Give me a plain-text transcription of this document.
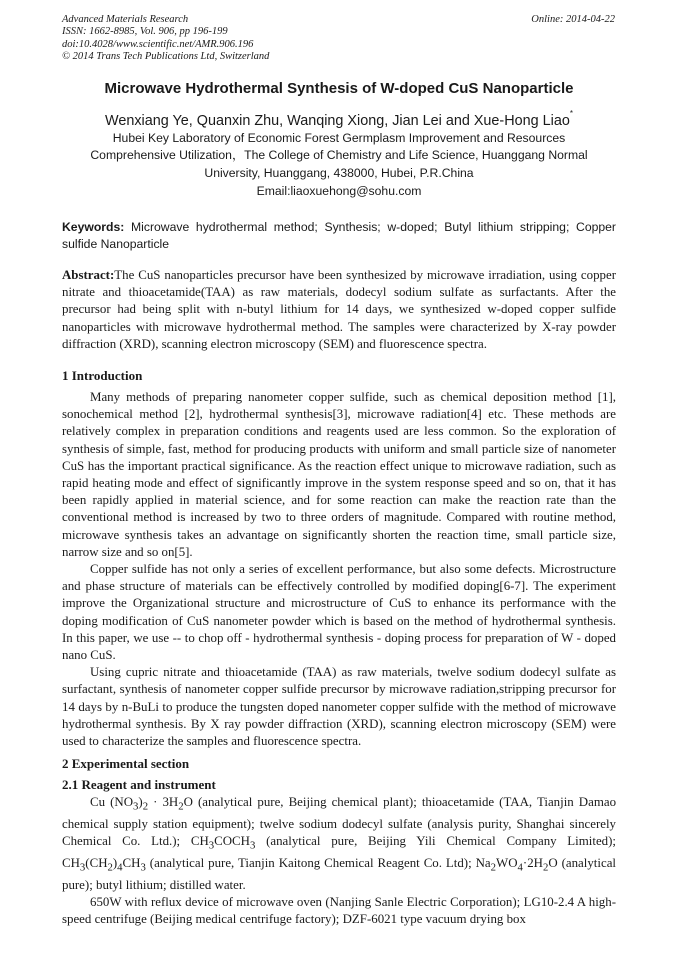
Advanced Materials Research
ISSN: 1662-8985, Vol. 906, pp 196-199
doi:10.4028/www.scientific.net/AMR.906.196
© 2014 Trans Tech Publications Ltd, Switzerland
Online: 2014-04-22
Microwave Hydrothermal Synthesis of W-doped CuS Nanoparticle
Wenxiang Ye, Quanxin Zhu, Wanqing Xiong, Jian Lei and Xue-Hong Liao*
Hubei Key Laboratory of Economic Forest Germplasm Improvement and Resources
Comprehensive Utilization，The College of Chemistry and Life Science, Huanggang Normal
University, Huanggang, 438000, Hubei, P.R.China
Email:liaoxuehong@sohu.com
Keywords: Microwave hydrothermal method; Synthesis; w-doped; Butyl lithium stripping; Copper sulfide Nanoparticle
Abstract:The CuS nanoparticles precursor have been synthesized by microwave irradiation, using copper nitrate and thioacetamide(TAA) as raw materials, dodecyl sodium sulfate as surfactants. After the precursor had being split with n-butyl lithium for 14 days, we synthesized w-doped copper sulfide nanoparticles with microwave hydrothermal method. The samples were characterized by X-ray powder diffraction (XRD), scanning electron microscopy (SEM) and fluorescence spectra.
1 Introduction

Many methods of preparing nanometer copper sulfide, such as chemical deposition method [1], sonochemical method [2], hydrothermal synthesis[3], microwave radiation[4] etc. These methods are relatively complex in preparation conditions and reagents used are less common. So the exploration of synthesis of simple, fast, method for producing products with uniform and small particle size of nanometer CuS has the important practical significance. As the reaction effect unique to microwave radiation, such as rapid heating mode and effect of significantly improve in the system response speed and so on, that it has been rapidly applied in material science, and for some reaction can make the reaction rate than the conventional method is increased by two to three orders of magnitude. Compared with routine method, microwave synthesis takes an advantage on significantly shorten the reaction time, small particle size, narrow size and so on[5].

Copper sulfide has not only a series of excellent performance, but also some defects. Microstructure and phase structure of materials can be effectively controlled by modified doping[6-7]. The experiment improve the Organizational structure and microstructure of CuS to enhance its performance with the doping modification of CuS nanometer powder which is based on the method of hydrothermal synthesis. In this paper, we use -- to chop off - hydrothermal synthesis - doping process for preparation of W - doped nano CuS.

Using cupric nitrate and thioacetamide (TAA) as raw materials, twelve sodium dodecyl sulfate as surfactant, synthesis of nanometer copper sulfide precursor by microwave radiation,stripping precursor for 14 days by n-BuLi to produce the tungsten doped nanometer copper sulfide with the method of microwave hydrothermal synthesis. By X ray powder diffraction (XRD), scanning electron microscopy (SEM) were used to characterize the samples and fluorescence spectra.

2 Experimental section
2.1 Reagent and instrument

Cu $(NO_3)_2 \cdot 3H_2O$ (analytical pure, Beijing chemical plant); thioacetamide (TAA, Tianjin Damao chemical supply station equipment); twelve sodium dodecyl sulfate (analysis purity, Shanghai sincerely Chemical Co. Ltd.); $CH_3COCH_3$ (analytical pure, Beijing Yili Chemical Company Limited); $CH_3(CH_2)_4CH_3$ (analytical pure, Tianjin Kaitong Chemical Reagent Co. Ltd); $Na_2WO_4\cdot 2H_2O$ (analytical pure); butyl lithium; distilled water.

650W with reflux device of microwave oven (Nanjing Sanle Electric Corporation); LG10-2.4 A high-speed centrifuge (Beijing medical centrifuge factory); DZF-6021 type vacuum drying box
